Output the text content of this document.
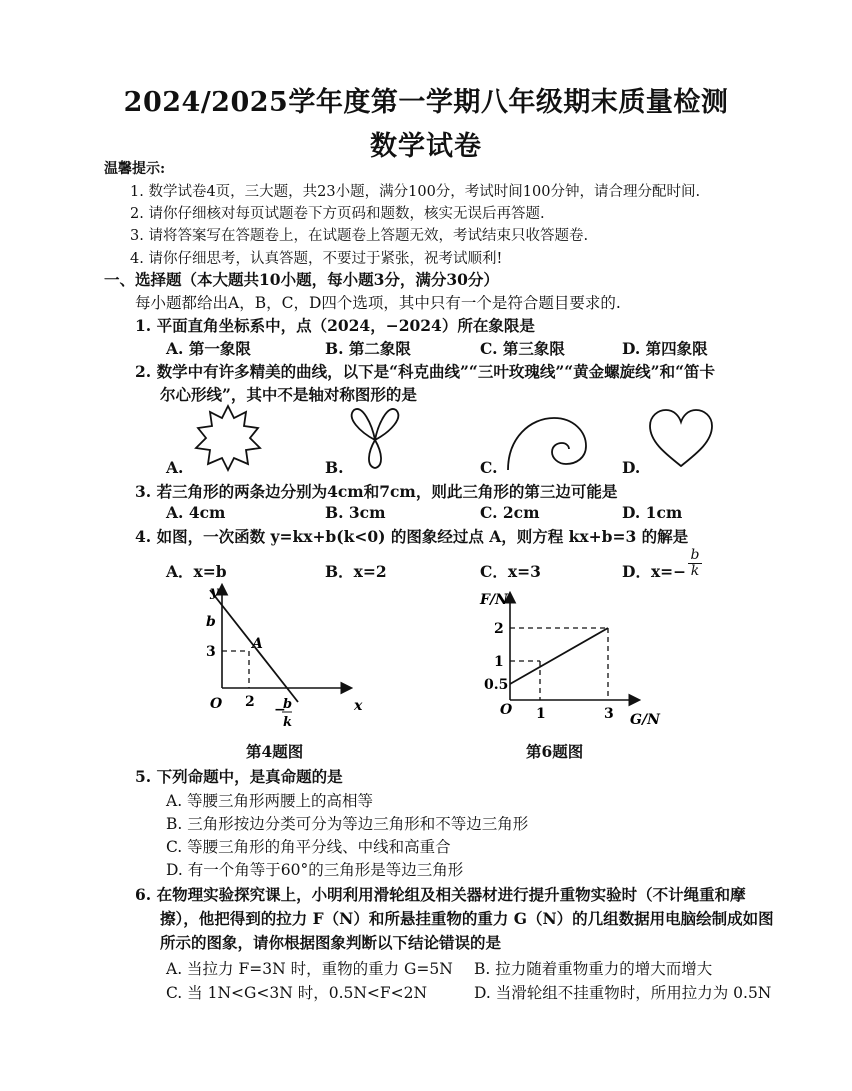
2024/2025学年度第一学期八年级期末质量检测
数学试卷
温馨提示:
1. 数学试卷4页，三大题，共23小题，满分100分，考试时间100分钟，请合理分配时间.
2. 请你仔细核对每页试题卷下方页码和题数，核实无误后再答题.
3. 请将答案写在答题卷上，在试题卷上答题无效，考试结束只收答题卷.
4. 请你仔细思考，认真答题，不要过于紧张，祝考试顺利!
一、选择题（本大题共10小题，每小题3分，满分30分）
每小题都给出A，B，C，D四个选项，其中只有一个是符合题目要求的.
1. 平面直角坐标系中，点（2024，−2024）所在象限是
A. 第一象限	B. 第二象限	C. 第三象限	D. 第四象限
2. 数学中有许多精美的曲线，以下是“科克曲线”“三叶玫瑰线”“黄金螺旋线”和“笛卡
尔心形线”，其中不是轴对称图形的是
A.	B.	C.	D.
3. 若三角形的两条边分别为4cm和7cm，则此三角形的第三边可能是
A. 4cm	B. 3cm	C. 2cm	D. 1cm
4. 如图，一次函数 y=kx+b(k<0) 的图象经过点 A，则方程 kx+b=3 的解是
A．x=b	B．x=2	C．x=3	D．x=−
b
k
y
x
O
b
A
3
2 −
b
k
第4题图
F/N
G/N
O
2
1
0.5
1	3
第6题图
5. 下列命题中，是真命题的是
A. 等腰三角形两腰上的高相等
B. 三角形按边分类可分为等边三角形和不等边三角形
C. 等腰三角形的角平分线、中线和高重合
D. 有一个角等于60°的三角形是等边三角形
6. 在物理实验探究课上，小明利用滑轮组及相关器材进行提升重物实验时（不计绳重和摩
擦），他把得到的拉力 F（N）和所悬挂重物的重力 G（N）的几组数据用电脑绘制成如图
所示的图象，请你根据图象判断以下结论错误的是
A. 当拉力 F=3N 时，重物的重力 G=5N B. 拉力随着重物重力的增大而增大
C. 当 1N<G<3N 时，0.5N<F<2N	D. 当滑轮组不挂重物时，所用拉力为 0.5N
